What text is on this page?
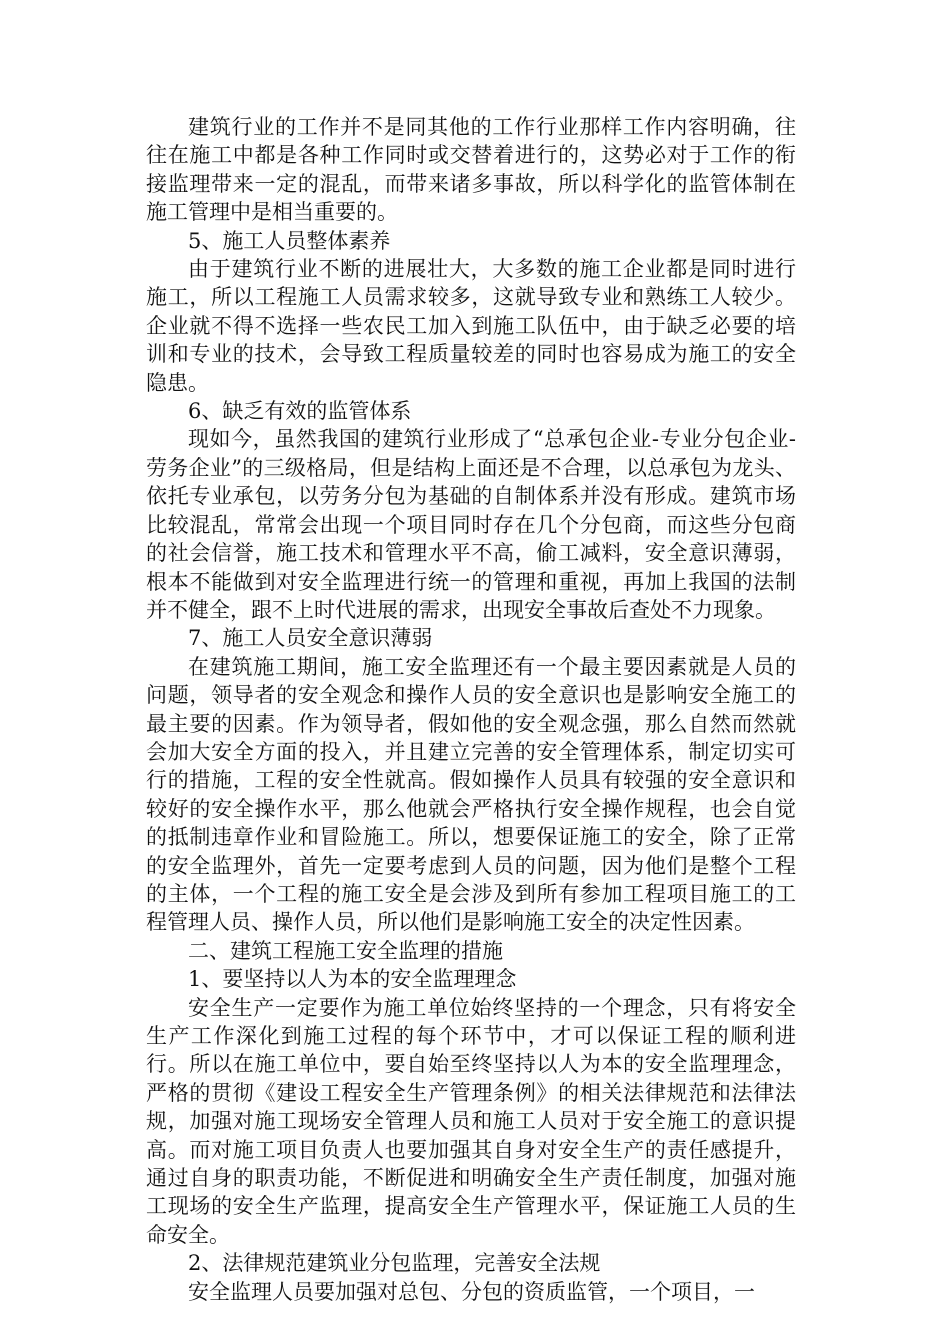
建筑行业的工作并不是同其他的工作行业那样工作内容明确，往往在施工中都是各种工作同时或交替着进行的，这势必对于工作的衔接监理带来一定的混乱，而带来诸多事故，所以科学化的监管体制在施工管理中是相当重要的。

5、施工人员整体素养

由于建筑行业不断的进展壮大，大多数的施工企业都是同时进行施工，所以工程施工人员需求较多，这就导致专业和熟练工人较少。企业就不得不选择一些农民工加入到施工队伍中，由于缺乏必要的培训和专业的技术，会导致工程质量较差的同时也容易成为施工的安全隐患。

6、缺乏有效的监管体系

现如今，虽然我国的建筑行业形成了“总承包企业-专业分包企业-劳务企业”的三级格局，但是结构上面还是不合理，以总承包为龙头、依托专业承包，以劳务分包为基础的自制体系并没有形成。建筑市场比较混乱，常常会出现一个项目同时存在几个分包商，而这些分包商的社会信誉，施工技术和管理水平不高，偷工减料，安全意识薄弱，根本不能做到对安全监理进行统一的管理和重视，再加上我国的法制并不健全，跟不上时代进展的需求，出现安全事故后查处不力现象。

7、施工人员安全意识薄弱

在建筑施工期间，施工安全监理还有一个最主要因素就是人员的问题，领导者的安全观念和操作人员的安全意识也是影响安全施工的最主要的因素。作为领导者，假如他的安全观念强，那么自然而然就会加大安全方面的投入，并且建立完善的安全管理体系，制定切实可行的措施，工程的安全性就高。假如操作人员具有较强的安全意识和较好的安全操作水平，那么他就会严格执行安全操作规程，也会自觉的抵制违章作业和冒险施工。所以，想要保证施工的安全，除了正常的安全监理外，首先一定要考虑到人员的问题，因为他们是整个工程的主体，一个工程的施工安全是会涉及到所有参加工程项目施工的工程管理人员、操作人员，所以他们是影响施工安全的决定性因素。

二、建筑工程施工安全监理的措施

1、要坚持以人为本的安全监理理念

安全生产一定要作为施工单位始终坚持的一个理念，只有将安全生产工作深化到施工过程的每个环节中，才可以保证工程的顺利进行。所以在施工单位中，要自始至终坚持以人为本的安全监理理念，严格的贯彻《建设工程安全生产管理条例》的相关法律规范和法律法规，加强对施工现场安全管理人员和施工人员对于安全施工的意识提高。而对施工项目负责人也要加强其自身对安全生产的责任感提升，通过自身的职责功能，不断促进和明确安全生产责任制度，加强对施工现场的安全生产监理，提高安全生产管理水平，保证施工人员的生命安全。

2、法律规范建筑业分包监理，完善安全法规

安全监理人员要加强对总包、分包的资质监管，一个项目，一
